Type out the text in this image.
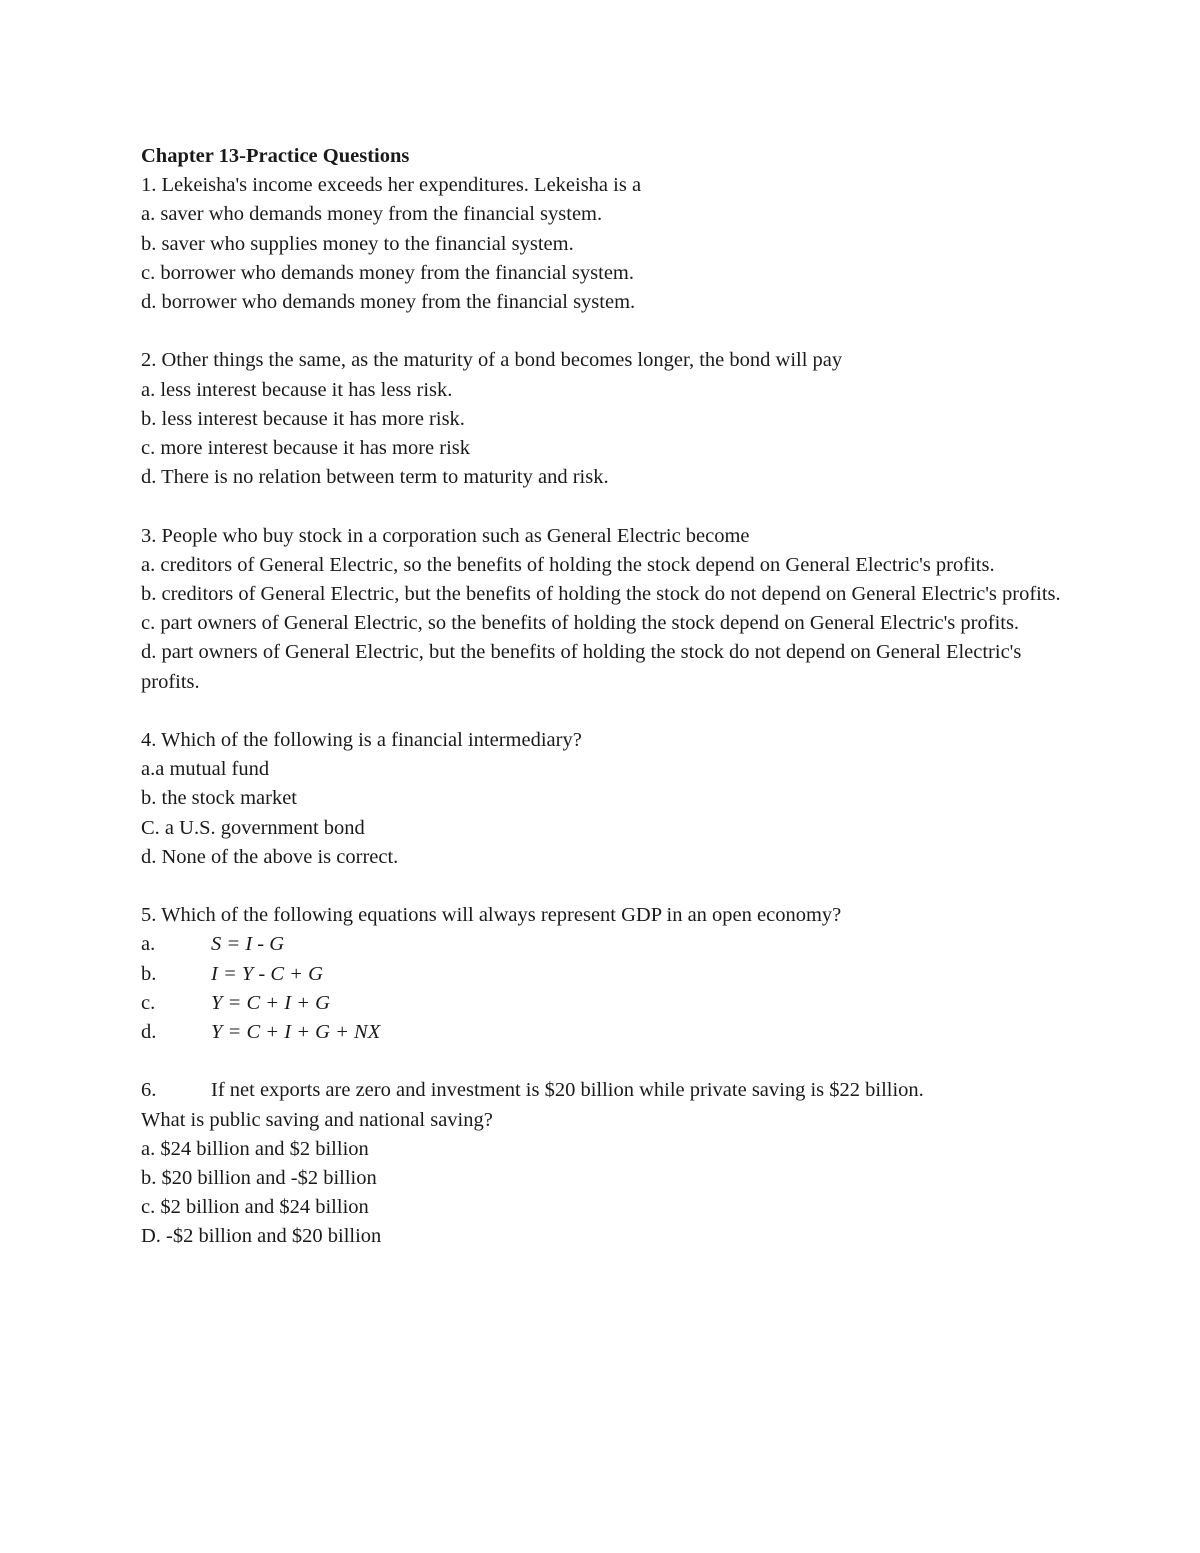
Chapter 13-Practice Questions

1. Lekeisha's income exceeds her expenditures. Lekeisha is a

a. saver who demands money from the financial system.

b. saver who supplies money to the financial system.

c. borrower who demands money from the financial system.

d. borrower who demands money from the financial system.

2. Other things the same, as the maturity of a bond becomes longer, the bond will pay

a. less interest because it has less risk.

b. less interest because it has more risk.

c. more interest because it has more risk

d. There is no relation between term to maturity and risk.

3. People who buy stock in a corporation such as General Electric become

a. creditors of General Electric, so the benefits of holding the stock depend on General Electric's profits.

b. creditors of General Electric, but the benefits of holding the stock do not depend on General Electric's profits.

c. part owners of General Electric, so the benefits of holding the stock depend on General Electric's profits.

d. part owners of General Electric, but the benefits of holding the stock do not depend on General Electric's profits.

4. Which of the following is a financial intermediary?

a.a mutual fund

b. the stock market

C. a U.S. government bond

d. None of the above is correct.

5. Which of the following equations will always represent GDP in an open economy?

a.	S = I - G
b.	I = Y - C + G
c.	Y = C + I + G
d.	Y = C + I + G + NX
6.	If net exports are zero and investment is $20 billion while private saving is $22 billion.

What is public saving and national saving?

a. $24 billion and $2 billion

b. $20 billion and -$2 billion

c. $2 billion and $24 billion

D. -$2 billion and $20 billion
